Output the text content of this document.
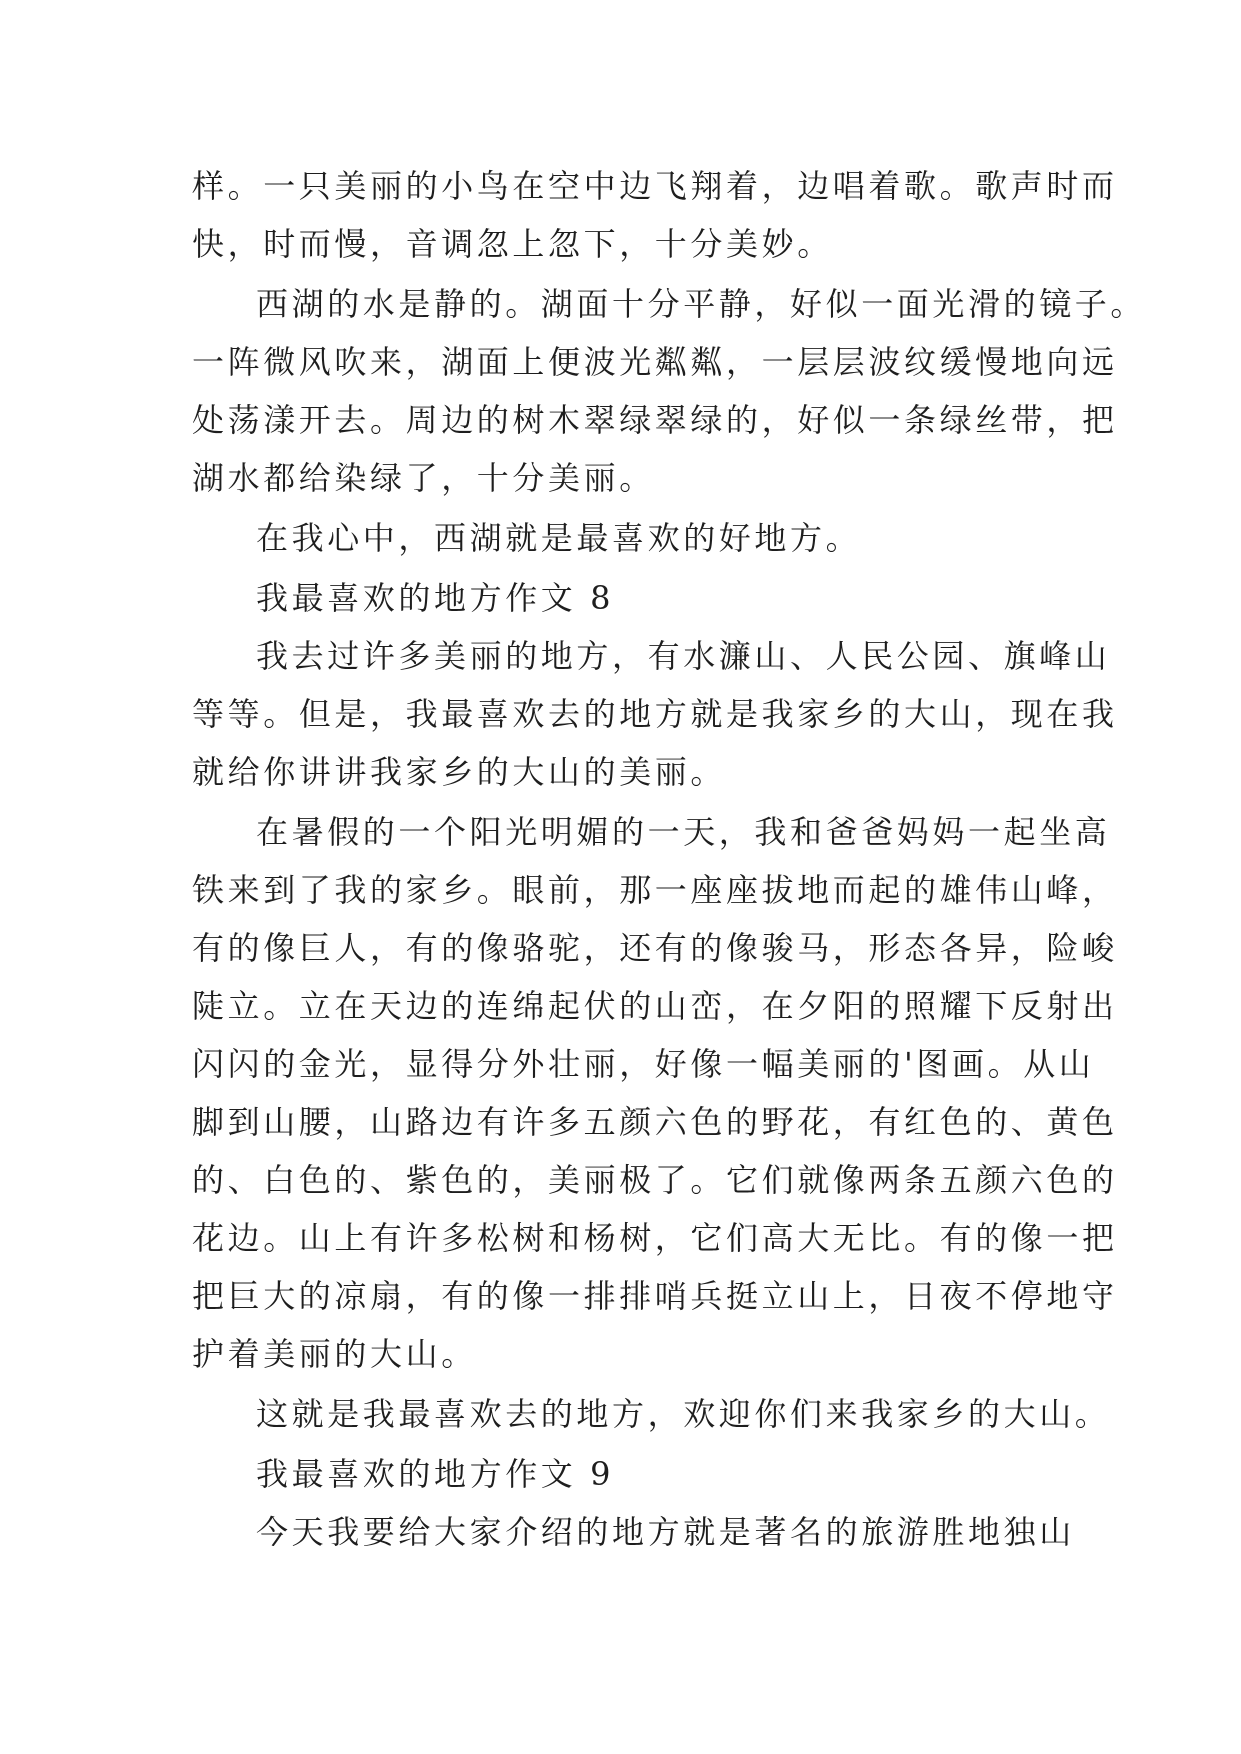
样。一只美丽的小鸟在空中边飞翔着，边唱着歌。歌声时而
快，时而慢，音调忽上忽下，十分美妙。
西湖的水是静的。湖面十分平静，好似一面光滑的镜子。
一阵微风吹来，湖面上便波光粼粼，一层层波纹缓慢地向远
处荡漾开去。周边的树木翠绿翠绿的，好似一条绿丝带，把
湖水都给染绿了，十分美丽。
在我心中，西湖就是最喜欢的好地方。
我最喜欢的地方作文 8
我去过许多美丽的地方，有水濂山、人民公园、旗峰山
等等。但是，我最喜欢去的地方就是我家乡的大山，现在我
就给你讲讲我家乡的大山的美丽。
在暑假的一个阳光明媚的一天，我和爸爸妈妈一起坐高
铁来到了我的家乡。眼前，那一座座拔地而起的雄伟山峰，
有的像巨人，有的像骆驼，还有的像骏马，形态各异，险峻
陡立。立在天边的连绵起伏的山峦，在夕阳的照耀下反射出
闪闪的金光，显得分外壮丽，好像一幅美丽的'图画。从山
脚到山腰，山路边有许多五颜六色的野花，有红色的、黄色
的、白色的、紫色的，美丽极了。它们就像两条五颜六色的
花边。山上有许多松树和杨树，它们高大无比。有的像一把
把巨大的凉扇，有的像一排排哨兵挺立山上，日夜不停地守
护着美丽的大山。
这就是我最喜欢去的地方，欢迎你们来我家乡的大山。
我最喜欢的地方作文 9
今天我要给大家介绍的地方就是著名的旅游胜地独山
